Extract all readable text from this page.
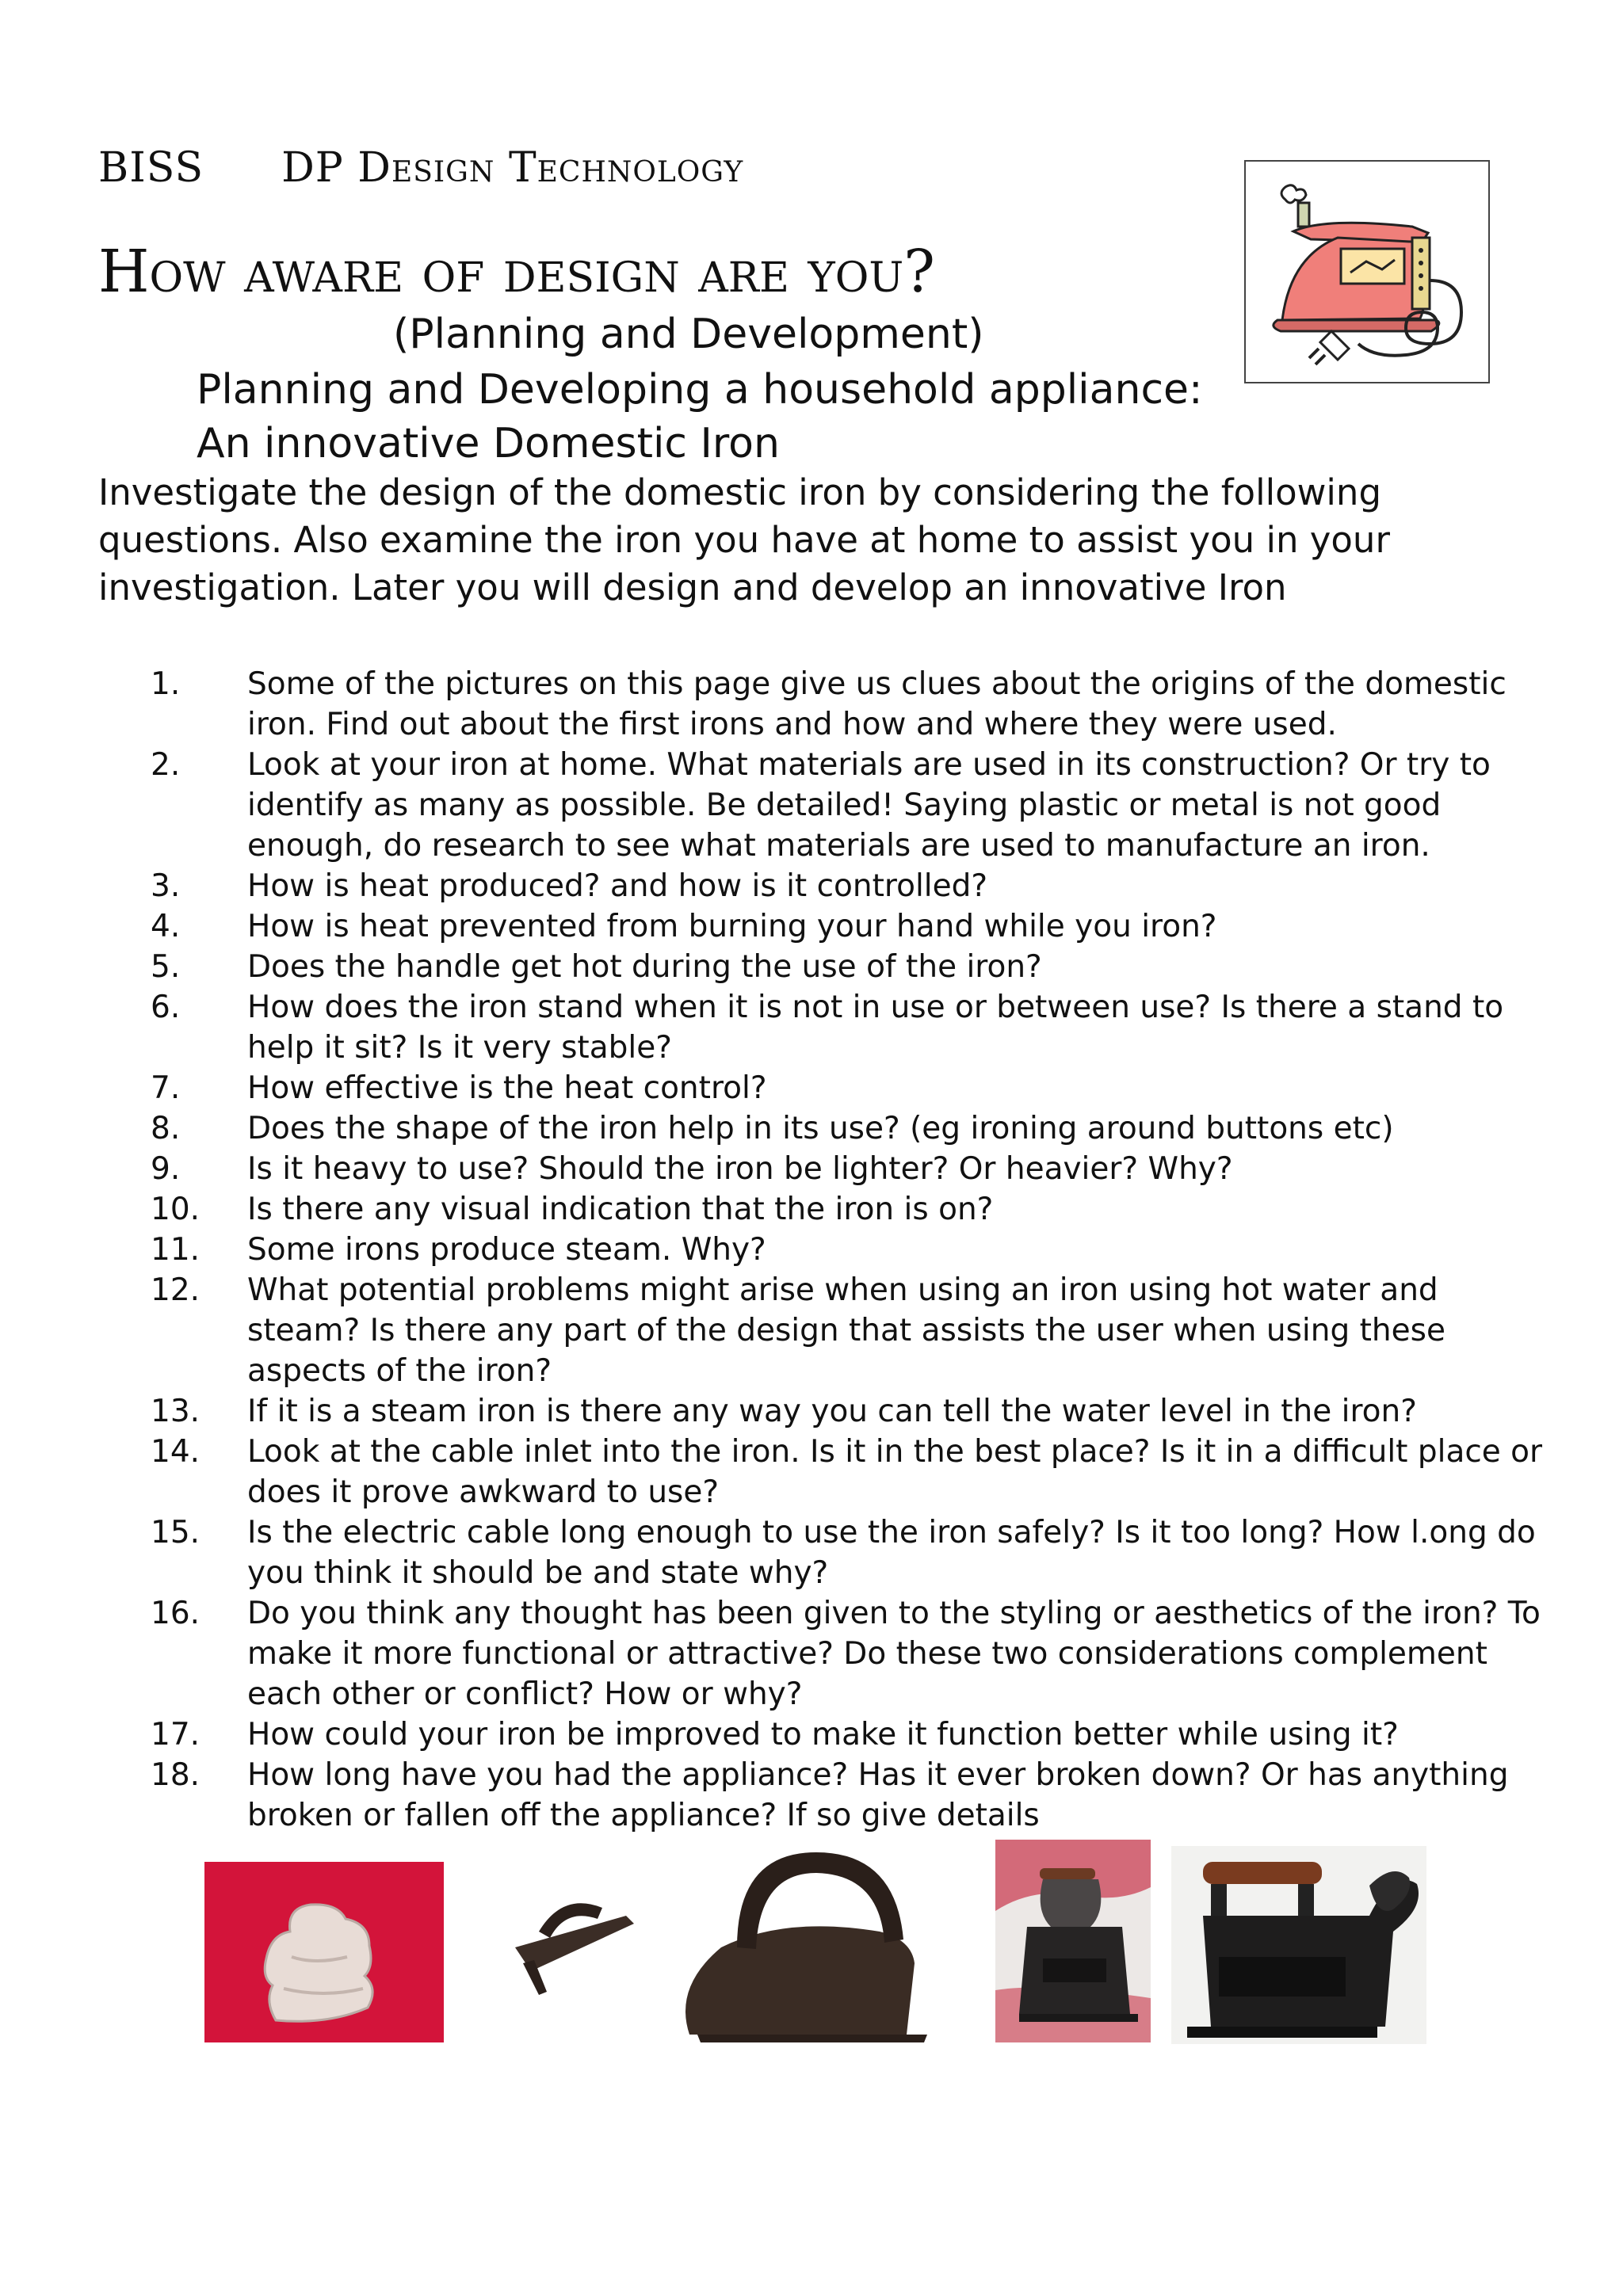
BISS DP Design Technology
How aware of design are you?
(Planning and Development)
Planning and Developing a household appliance: An innovative Domestic Iron
Investigate the design of the domestic iron by considering the following questions. Also examine the iron you have at home to assist you in your investigation. Later you will design and develop an innovative Iron
1.	Some of the pictures on this page give us clues about the origins of the domestic iron. Find out about the first irons and how and where they were used.
2.	Look at your iron at home. What materials are used in its construction? Or try to identify as many as possible. Be detailed! Saying plastic or metal is not good enough, do research to see what materials are used to manufacture an iron.
3.	How is heat produced? and how is it controlled?
4.	How is heat prevented from burning your hand while you iron?
5.	Does the handle get hot during the use of the iron?
6.	How does the iron stand when it is not in use or between use? Is there a stand to help it sit? Is it very stable?
7.	How effective is the heat control?
8.	Does the shape of the iron help in its use? (eg ironing around buttons etc)
9.	Is it heavy to use? Should the iron be lighter? Or heavier? Why?
10.	Is there any visual indication that the iron is on?
11.	Some irons produce steam. Why?
12.	What potential problems might arise when using an iron using hot water and steam? Is there any part of the design that assists the user when using these aspects of the iron?
13.	If it is a steam iron is there any way you can tell the water level in the iron?
14.	Look at the cable inlet into the iron. Is it in the best place? Is it in a difficult place or does it prove awkward to use?
15.	Is the electric cable long enough to use the iron safely? Is it too long? How l.ong do you think it should be and state why?
16.	Do you think any thought has been given to the styling or aesthetics of the iron? To make it more functional or attractive? Do these two considerations complement each other or conflict? How or why?
17.	How could your iron be improved to make it function better while using it?
18.	How long have you had the appliance? Has it ever broken down? Or has anything broken or fallen off the appliance? If so give details
